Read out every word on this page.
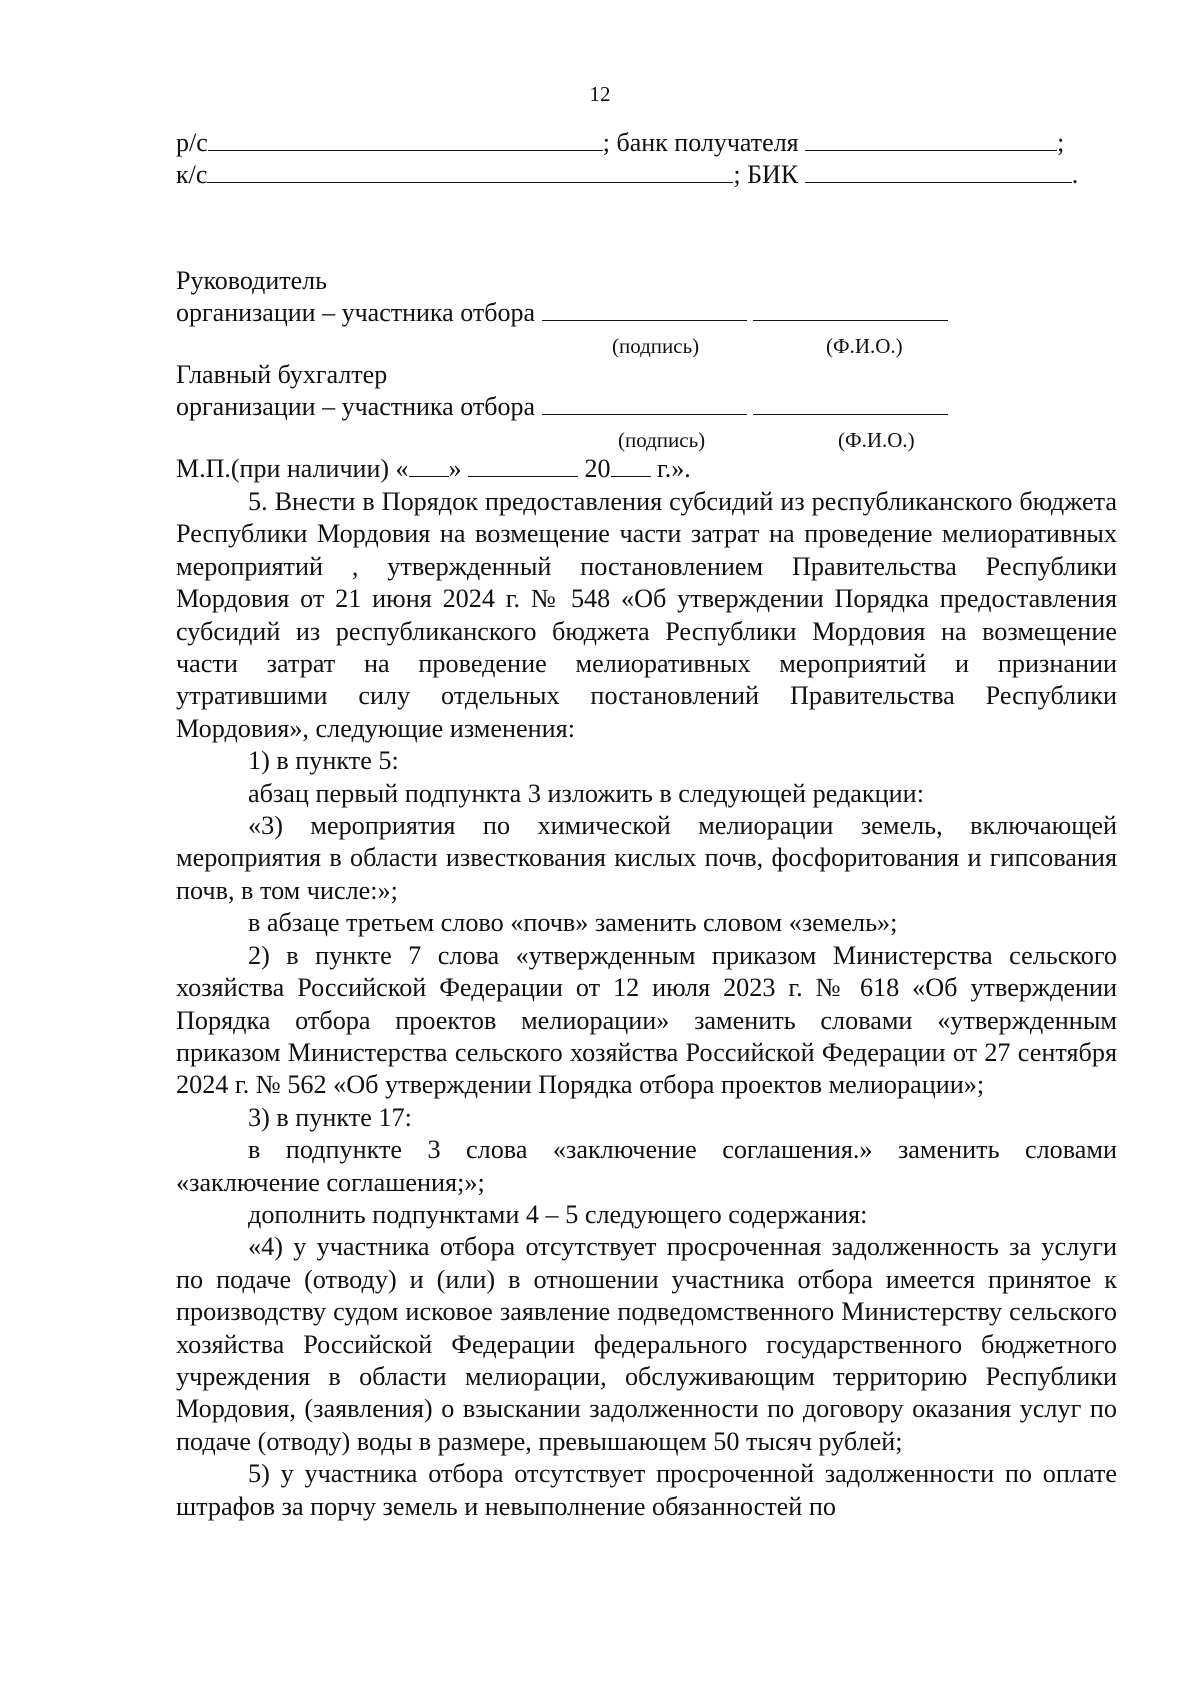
12
р/с	; банк получателя	;
к/с	; БИК	.
Руководитель
организации – участника отбора
(подпись)	(Ф.И.О.)
Главный бухгалтер
организации – участника отбора
(подпись)	(Ф.И.О.)
М.П.(при наличии) « »	20 г.».

5. Внести в Порядок предоставления субсидий из республиканского бюджета Республики Мордовия на возмещение части затрат на проведение мелиоративных мероприятий , утвержденный постановлением Правительства Республики Мордовия от 21 июня 2024 г. № 548 «Об утверждении Порядка предоставления субсидий из республиканского бюджета Республики Мордовия на возмещение части затрат на проведение мелиоративных мероприятий и признании утратившими силу отдельных постановлений Правительства Республики Мордовия», следующие изменения:

1) в пункте 5:

абзац первый подпункта 3 изложить в следующей редакции:

«3) мероприятия по химической мелиорации земель, включающей мероприятия в области известкования кислых почв, фосфоритования и гипсования почв, в том числе:»;

в абзаце третьем слово «почв» заменить словом «земель»;

2) в пункте 7 слова «утвержденным приказом Министерства сельского хозяйства Российской Федерации от 12 июля 2023 г. № 618 «Об утверждении Порядка отбора проектов мелиорации» заменить словами «утвержденным приказом Министерства сельского хозяйства Российской Федерации от 27 сентября 2024 г. № 562 «Об утверждении Порядка отбора проектов мелиорации»;

3) в пункте 17:

в подпункте 3 слова «заключение соглашения.» заменить словами «заключение соглашения;»;

дополнить подпунктами 4 – 5 следующего содержания:

«4) у участника отбора отсутствует просроченная задолженность за услуги по подаче (отводу) и (или) в отношении участника отбора имеется принятое к производству судом исковое заявление подведомственного Министерству сельского хозяйства Российской Федерации федерального государственного бюджетного учреждения в области мелиорации, обслуживающим территорию Республики Мордовия, (заявления) о взыскании задолженности по договору оказания услуг по подаче (отводу) воды в размере, превышающем 50 тысяч рублей;

5) у участника отбора отсутствует просроченной задолженности по оплате штрафов за порчу земель и невыполнение обязанностей по
